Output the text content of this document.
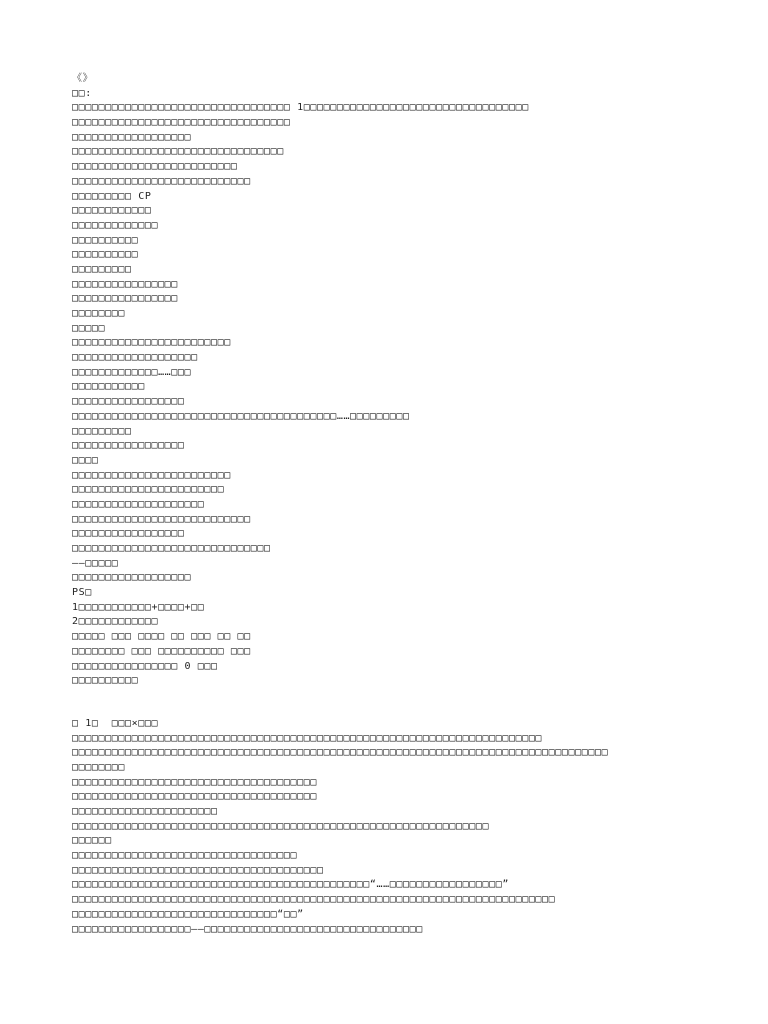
《》
□□:
□□□□□□□□□□□□□□□□□□□□□□□□□□□□□□□□□ 1□□□□□□□□□□□□□□□□□□□□□□□□□□□□□□□□□□
□□□□□□□□□□□□□□□□□□□□□□□□□□□□□□□□□
□□□□□□□□□□□□□□□□□□
□□□□□□□□□□□□□□□□□□□□□□□□□□□□□□□□
□□□□□□□□□□□□□□□□□□□□□□□□□
□□□□□□□□□□□□□□□□□□□□□□□□□□□
□□□□□□□□□ CP
□□□□□□□□□□□□
□□□□□□□□□□□□□
□□□□□□□□□□
□□□□□□□□□□
□□□□□□□□□
□□□□□□□□□□□□□□□□
□□□□□□□□□□□□□□□□
□□□□□□□□
□□□□□
□□□□□□□□□□□□□□□□□□□□□□□□
□□□□□□□□□□□□□□□□□□□
□□□□□□□□□□□□□……□□□
□□□□□□□□□□□
□□□□□□□□□□□□□□□□□
□□□□□□□□□□□□□□□□□□□□□□□□□□□□□□□□□□□□□□□□……□□□□□□□□□
□□□□□□□□□
□□□□□□□□□□□□□□□□□
□□□□
□□□□□□□□□□□□□□□□□□□□□□□□
□□□□□□□□□□□□□□□□□□□□□□□
□□□□□□□□□□□□□□□□□□□□
□□□□□□□□□□□□□□□□□□□□□□□□□□□
□□□□□□□□□□□□□□□□□
□□□□□□□□□□□□□□□□□□□□□□□□□□□□□□
——□□□□□
□□□□□□□□□□□□□□□□□□
PS□
1□□□□□□□□□□□+□□□□+□□
2□□□□□□□□□□□□
□□□□□ □□□ □□□□ □□ □□□ □□ □□
□□□□□□□□ □□□ □□□□□□□□□□ □□□
□□□□□□□□□□□□□□□□ 0 □□□
□□□□□□□□□□
□ 1□  □□□×□□□
□□□□□□□□□□□□□□□□□□□□□□□□□□□□□□□□□□□□□□□□□□□□□□□□□□□□□□□□□□□□□□□□□□□□□□□
□□□□□□□□□□□□□□□□□□□□□□□□□□□□□□□□□□□□□□□□□□□□□□□□□□□□□□□□□□□□□□□□□□□□□□□□□□□□□□□□□
□□□□□□□□
□□□□□□□□□□□□□□□□□□□□□□□□□□□□□□□□□□□□□
□□□□□□□□□□□□□□□□□□□□□□□□□□□□□□□□□□□□□
□□□□□□□□□□□□□□□□□□□□□□
□□□□□□□□□□□□□□□□□□□□□□□□□□□□□□□□□□□□□□□□□□□□□□□□□□□□□□□□□□□□□□□
□□□□□□
□□□□□□□□□□□□□□□□□□□□□□□□□□□□□□□□□□
□□□□□□□□□□□□□□□□□□□□□□□□□□□□□□□□□□□□□□
□□□□□□□□□□□□□□□□□□□□□□□□□□□□□□□□□□□□□□□□□□□□□“……□□□□□□□□□□□□□□□□□”
□□□□□□□□□□□□□□□□□□□□□□□□□□□□□□□□□□□□□□□□□□□□□□□□□□□□□□□□□□□□□□□□□□□□□□□□□
□□□□□□□□□□□□□□□□□□□□□□□□□□□□□□□“□□”
□□□□□□□□□□□□□□□□□□——□□□□□□□□□□□□□□□□□□□□□□□□□□□□□□□□□
